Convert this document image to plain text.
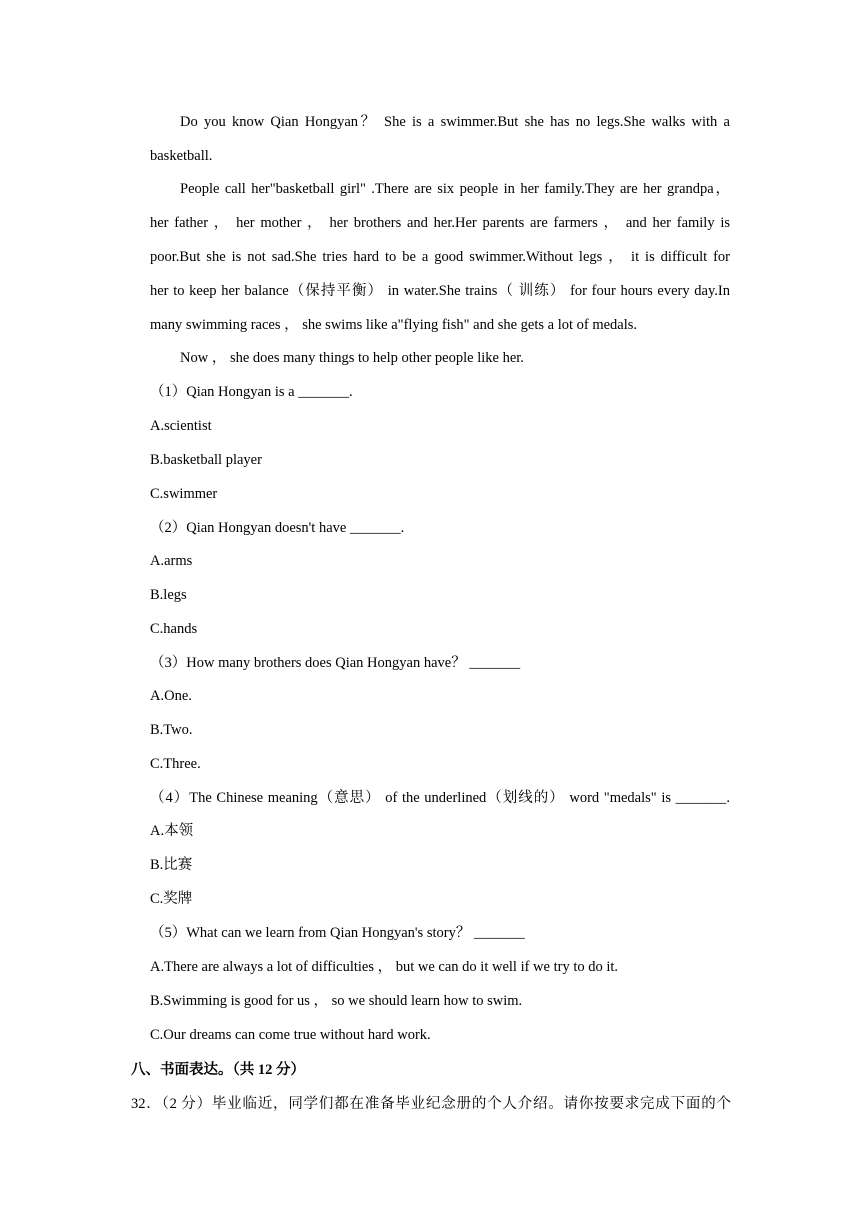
Do you know Qian Hongyan？ She is a swimmer.But she has no legs.She walks with a
basketball.
People call her"basketball girl" .There are six people in her family.They are her grandpa，
her father ， her mother ， her brothers and her.Her parents are farmers ， and her family is
poor.But she is not sad.She tries hard to be a good swimmer.Without legs ， it is difficult for
her to keep her balance（保持平衡） in water.She trains（ 训练） for four hours every day.In
many swimming races ， she swims like a"flying fish" and she gets a lot of medals.
Now ， she does many things to help other people like her.
（1）Qian Hongyan is a _______.
A.scientist
B.basketball player
C.swimmer
（2）Qian Hongyan doesn't have _______.
A.arms
B.legs
C.hands
（3）How many brothers does Qian Hongyan have？ _______
A.One.
B.Two.
C.Three.
（4）The Chinese meaning（意思） of the underlined（划线的） word "medals" is _______.
A.本领
B.比赛
C.奖牌
（5）What can we learn from Qian Hongyan's story？ _______
A.There are always a lot of difficulties ， but we can do it well if we try to do it.
B.Swimming is good for us ， so we should learn how to swim.
C.Our dreams can come true without hard work.
八、书面表达。（共 12 分）
32．（2 分）毕业临近，同学们都在准备毕业纪念册的个人介绍。请你按要求完成下面的个
